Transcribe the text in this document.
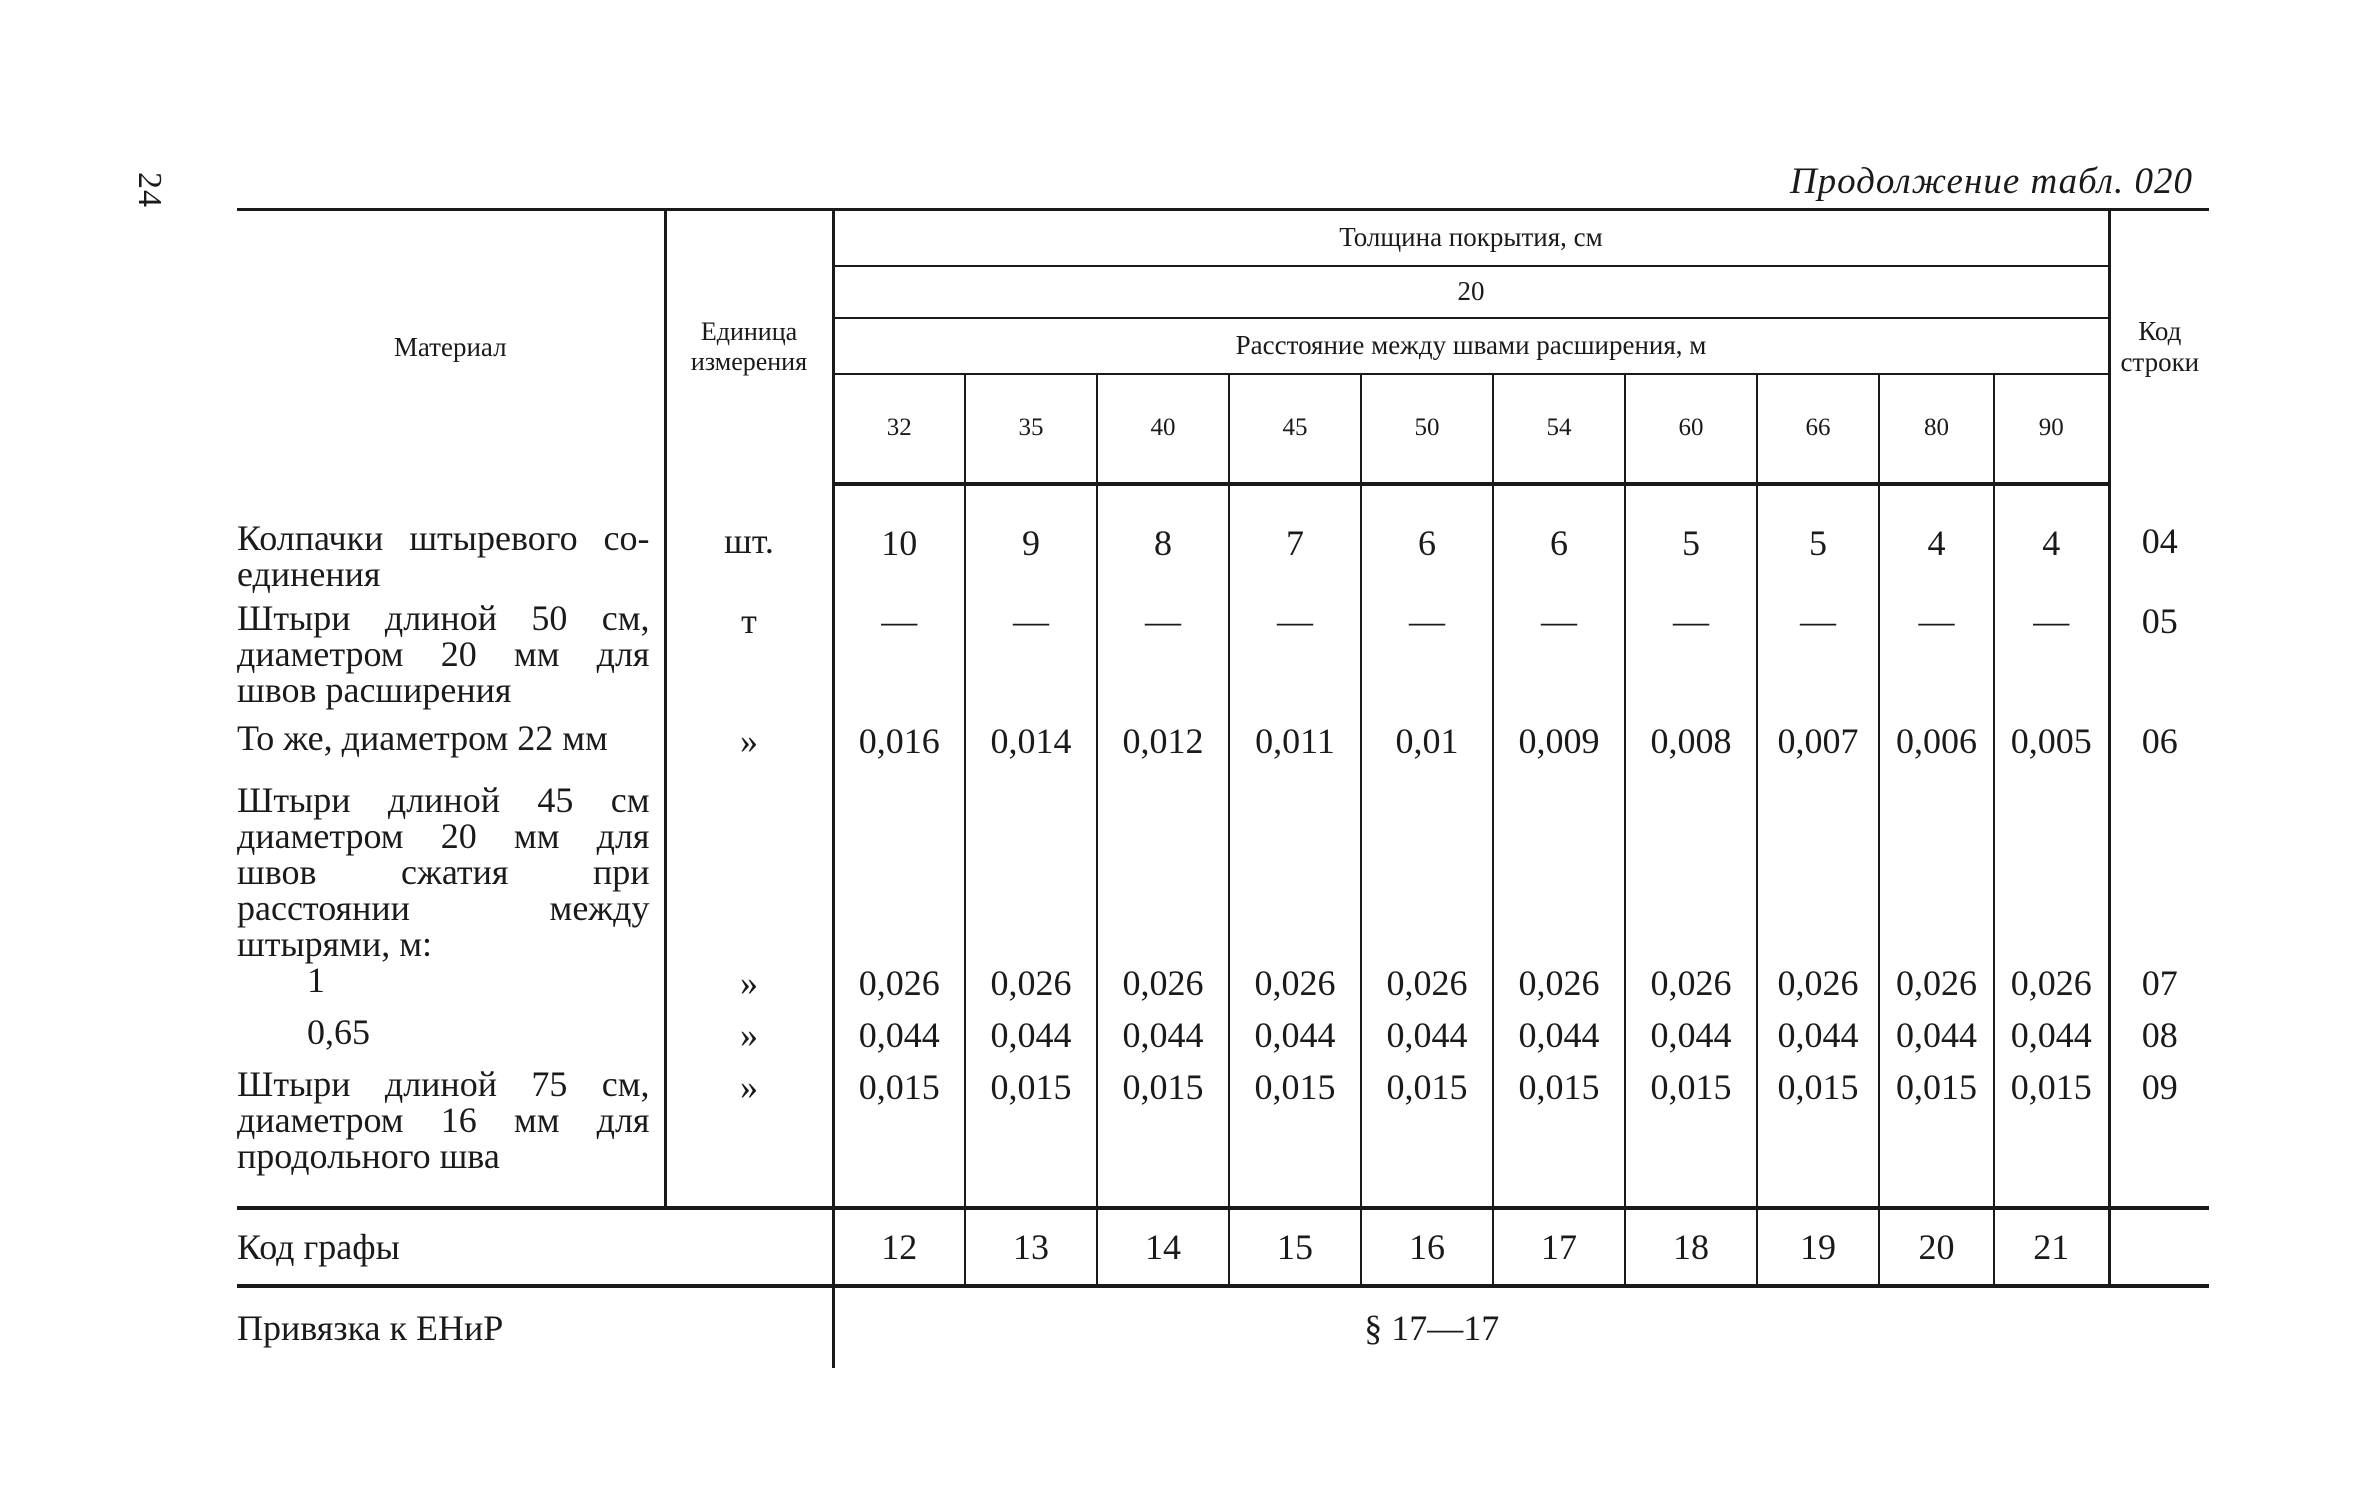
24	Продолжение табл. 020
Материал	Единица измерения	Толщина покрытия, см										Код строки
		20										
		Расстояние между швами расширения, м										
		32	35	40	45	50	54	60	66	80	90	
Колпачки штыревого со-единения	шт.	10	9	8	7	6	6	5	5	4	4	04
Штыри длиной 50 см, диаметром 20 мм для швов расширения	т	—	—	—	—	—	—	—	—	—	—	05
То же, диаметром 22 мм	»	0,016	0,014	0,012	0,011	0,01	0,009	0,008	0,007	0,006	0,005	06
Штыри длиной 45 см диаметром 20 мм для швов сжатия при расстоянии между штырями, м:												
1	»	0,026	0,026	0,026	0,026	0,026	0,026	0,026	0,026	0,026	0,026	07
0,65	»	0,044	0,044	0,044	0,044	0,044	0,044	0,044	0,044	0,044	0,044	08
Штыри длиной 75 см, диаметром 16 мм для продольного шва	»	0,015	0,015	0,015	0,015	0,015	0,015	0,015	0,015	0,015	0,015	09
Код графы		12	13	14	15	16	17	18	19	20	21	
Привязка к ЕНиР		§ 17—17										
